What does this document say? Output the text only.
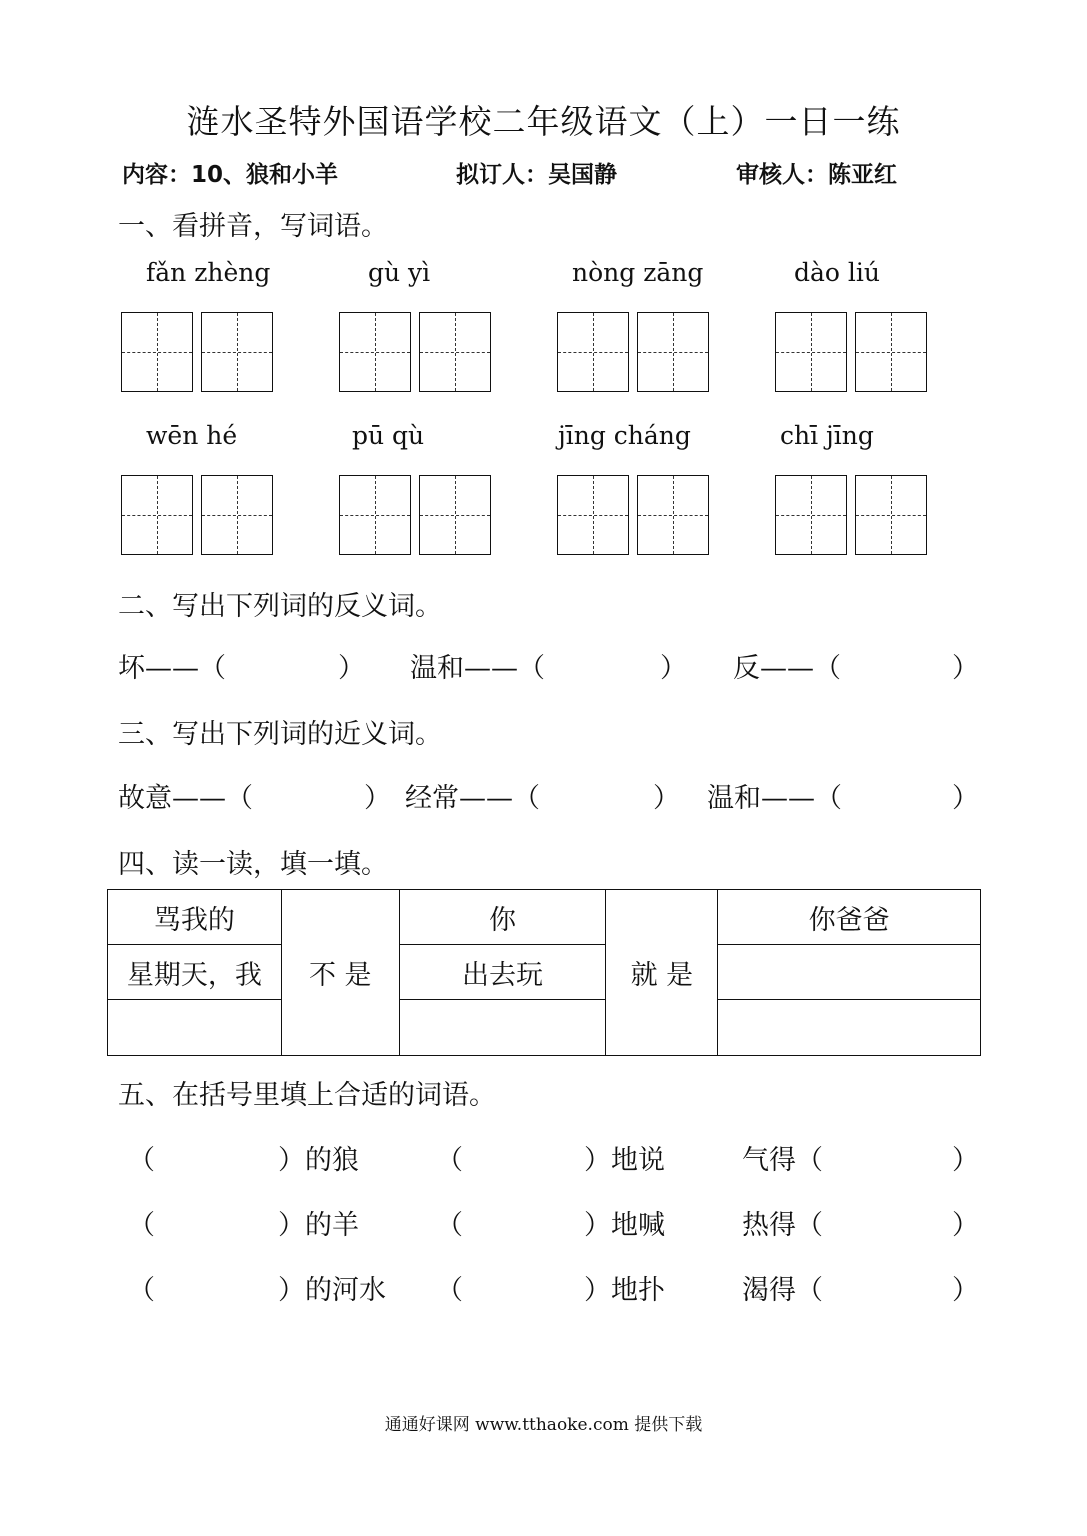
涟水圣特外国语学校二年级语文（上）一日一练
内容：10、狼和小羊	拟订人：吴国静	审核人：陈亚红
一、看拼音，写词语。
fǎn zhèng	gù yì	nòng zāng	dào liú
wēn hé	pū qù	jīng cháng	chī jīng
二、写出下列词的反义词。
坏——（	） 温和——（	） 反——（	）
三、写出下列词的近义词。
故意——（	） 经常——（	） 温和——（	）
四、读一读，填一填。
骂我的	不 是	你	就 是	你爸爸
星期天，我		出去玩		

五、在括号里填上合适的词语。
（	）的狼	（	）地说	气得（	）
（	）的羊	（	）地喊	热得（	）
（	）的河水 （	）地扑	渴得（	）
通通好课网 www.tthaoke.com 提供下载
